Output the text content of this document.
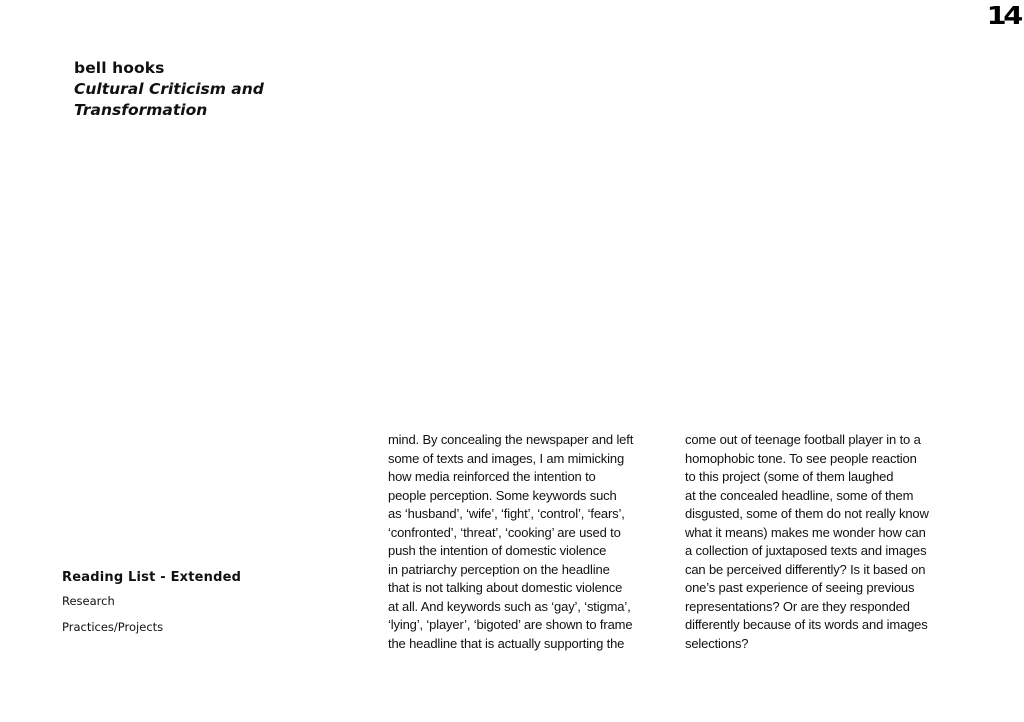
14
bell hooks
Cultural Criticism and
Transformation
Reading List - Extended
Research
Practices/Projects
mind. By concealing the newspaper and left
some of texts and images, I am mimicking
how media reinforced the intention to
people perception. Some keywords such
as ‘husband’, ‘wife’, ‘fight’, ‘control’, ‘fears’,
‘confronted’, ‘threat’, ‘cooking’ are used to
push the intention of domestic violence
in patriarchy perception on the headline
that is not talking about domestic violence
at all. And keywords such as ‘gay’, ‘stigma’,
‘lying’, ‘player’, ‘bigoted’ are shown to frame
the headline that is actually supporting the
come out of teenage football player in to a
homophobic tone. To see people reaction
to this project (some of them laughed
at the concealed headline, some of them
disgusted, some of them do not really know
what it means) makes me wonder how can
a collection of juxtaposed texts and images
can be perceived differently? Is it based on
one’s past experience of seeing previous
representations? Or are they responded
differently because of its words and images
selections?
